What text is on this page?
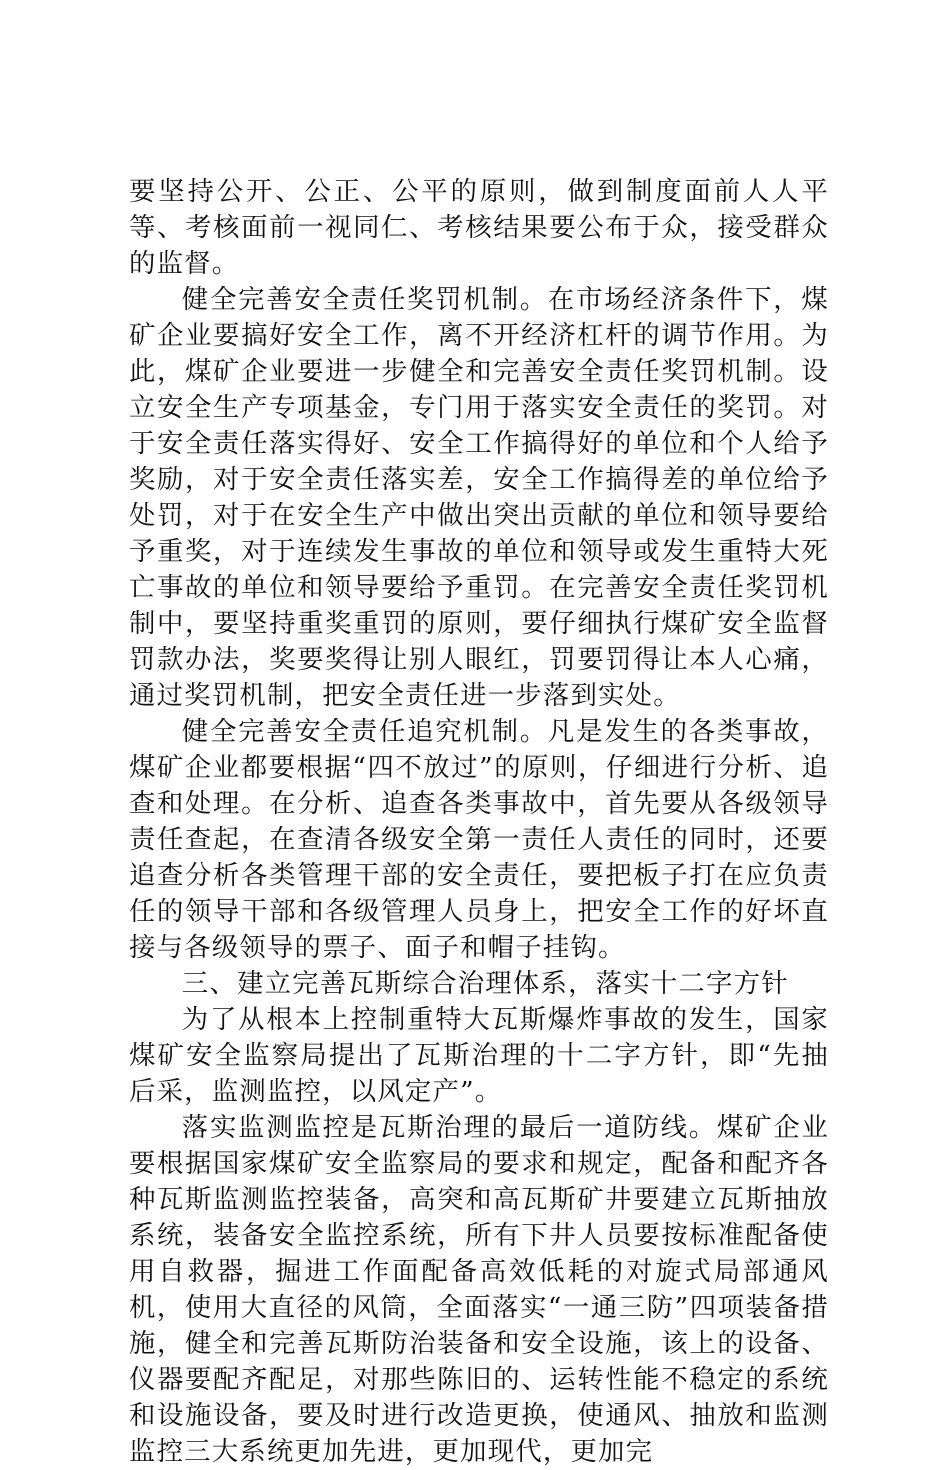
要坚持公开、公正、公平的原则，做到制度面前人人平等、考核面前一视同仁、考核结果要公布于众，接受群众的监督。

健全完善安全责任奖罚机制。在市场经济条件下，煤矿企业要搞好安全工作，离不开经济杠杆的调节作用。为此，煤矿企业要进一步健全和完善安全责任奖罚机制。设立安全生产专项基金，专门用于落实安全责任的奖罚。对于安全责任落实得好、安全工作搞得好的单位和个人给予奖励，对于安全责任落实差，安全工作搞得差的单位给予处罚，对于在安全生产中做出突出贡献的单位和领导要给予重奖，对于连续发生事故的单位和领导或发生重特大死亡事故的单位和领导要给予重罚。在完善安全责任奖罚机制中，要坚持重奖重罚的原则，要仔细执行煤矿安全监督罚款办法，奖要奖得让别人眼红，罚要罚得让本人心痛，通过奖罚机制，把安全责任进一步落到实处。

健全完善安全责任追究机制。凡是发生的各类事故，煤矿企业都要根据“四不放过”的原则，仔细进行分析、追查和处理。在分析、追查各类事故中，首先要从各级领导责任查起，在查清各级安全第一责任人责任的同时，还要追查分析各类管理干部的安全责任，要把板子打在应负责任的领导干部和各级管理人员身上，把安全工作的好坏直接与各级领导的票子、面子和帽子挂钩。

三、建立完善瓦斯综合治理体系，落实十二字方针

为了从根本上控制重特大瓦斯爆炸事故的发生，国家煤矿安全监察局提出了瓦斯治理的十二字方针，即“先抽后采，监测监控，以风定产”。

落实监测监控是瓦斯治理的最后一道防线。煤矿企业要根据国家煤矿安全监察局的要求和规定，配备和配齐各种瓦斯监测监控装备，高突和高瓦斯矿井要建立瓦斯抽放系统，装备安全监控系统，所有下井人员要按标准配备使用自救器，掘进工作面配备高效低耗的对旋式局部通风机，使用大直径的风筒，全面落实“一通三防”四项装备措施，健全和完善瓦斯防治装备和安全设施，该上的设备、仪器要配齐配足，对那些陈旧的、运转性能不稳定的系统和设施设备，要及时进行改造更换，使通风、抽放和监测监控三大系统更加先进，更加现代，更加完
